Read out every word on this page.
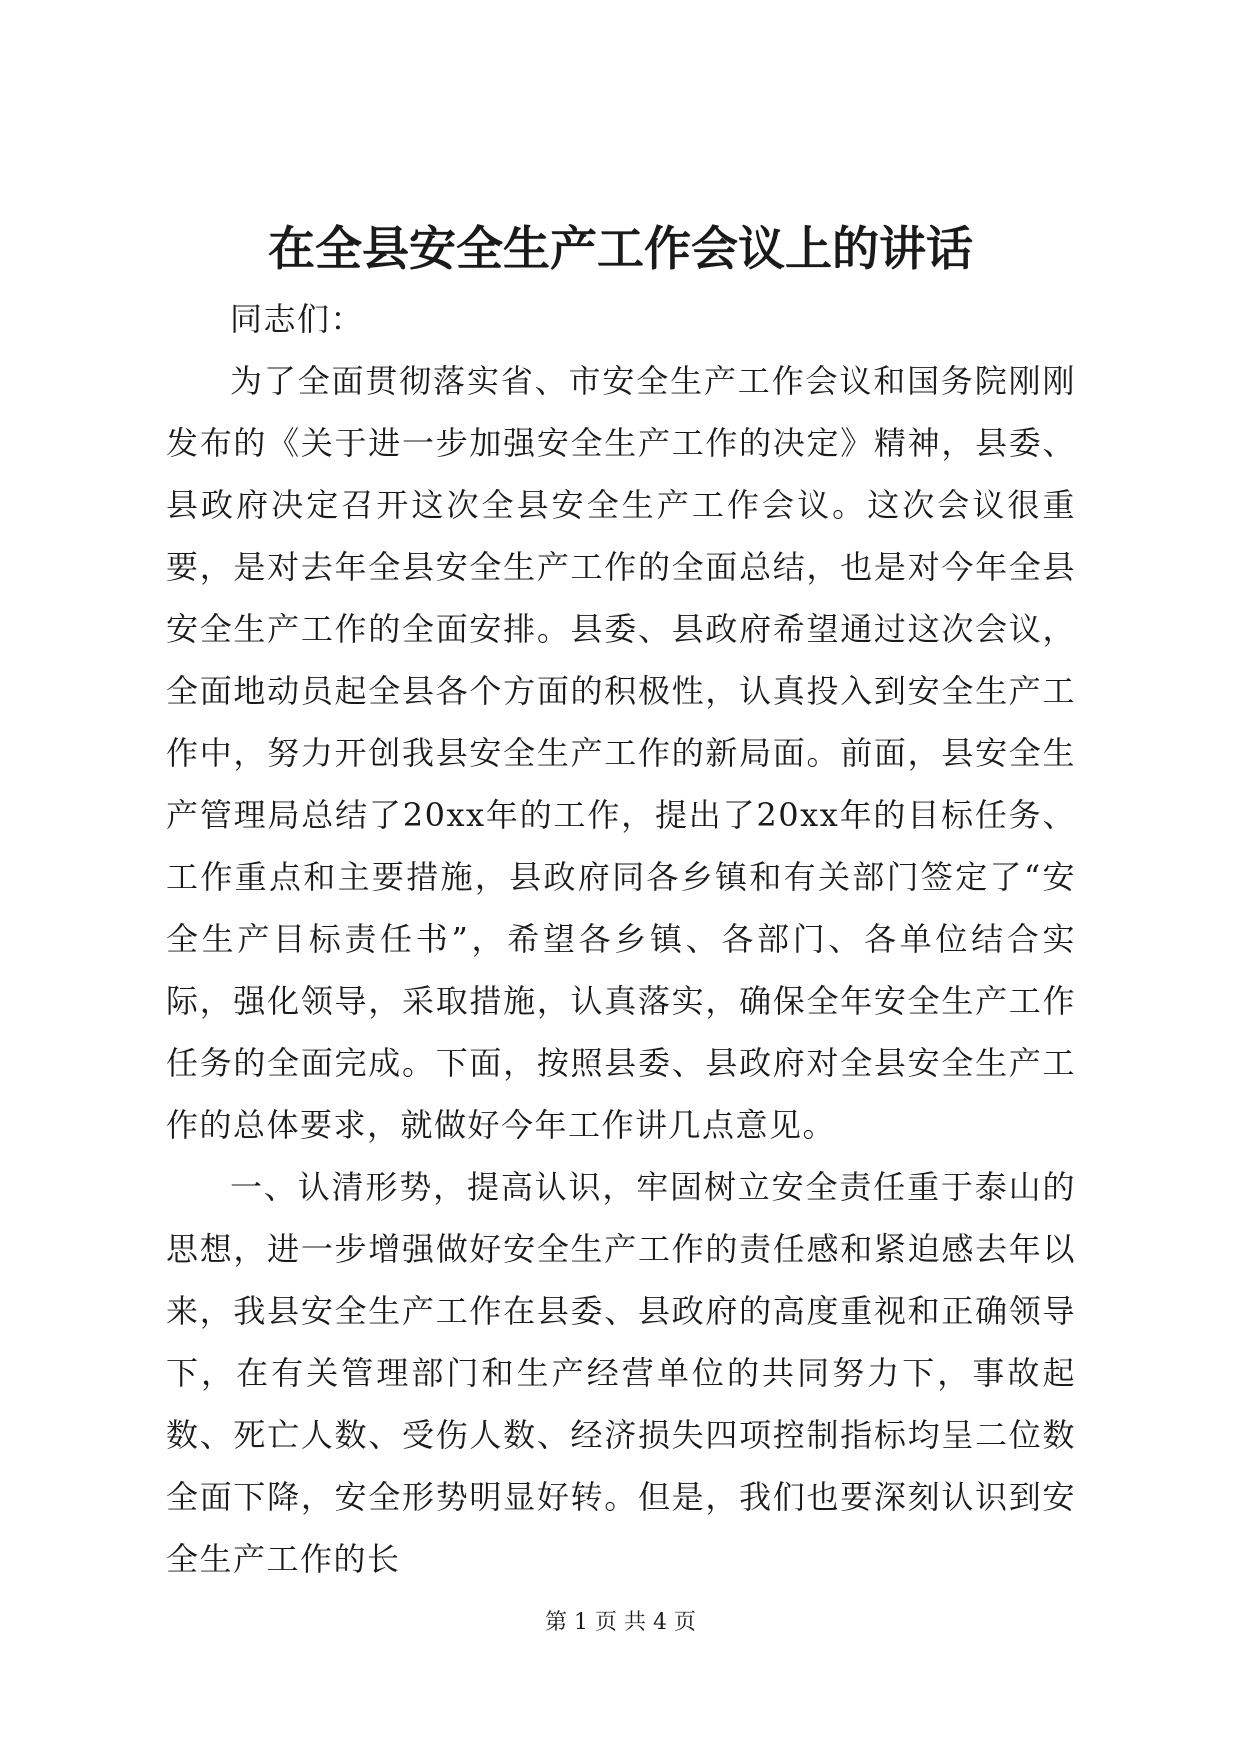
在全县安全生产工作会议上的讲话

同志们：

为了全面贯彻落实省、市安全生产工作会议和国务院刚刚发布的《关于进一步加强安全生产工作的决定》精神，县委、县政府决定召开这次全县安全生产工作会议。这次会议很重要，是对去年全县安全生产工作的全面总结，也是对今年全县安全生产工作的全面安排。县委、县政府希望通过这次会议，全面地动员起全县各个方面的积极性，认真投入到安全生产工作中，努力开创我县安全生产工作的新局面。前面，县安全生产管理局总结了20xx年的工作，提出了20xx年的目标任务、工作重点和主要措施，县政府同各乡镇和有关部门签定了“安全生产目标责任书”，希望各乡镇、各部门、各单位结合实际，强化领导，采取措施，认真落实，确保全年安全生产工作任务的全面完成。下面，按照县委、县政府对全县安全生产工作的总体要求，就做好今年工作讲几点意见。

一、认清形势，提高认识，牢固树立安全责任重于泰山的思想，进一步增强做好安全生产工作的责任感和紧迫感去年以来，我县安全生产工作在县委、县政府的高度重视和正确领导下，在有关管理部门和生产经营单位的共同努力下，事故起数、死亡人数、受伤人数、经济损失四项控制指标均呈二位数全面下降，安全形势明显好转。但是，我们也要深刻认识到安全生产工作的长

第 1 页 共 4 页
